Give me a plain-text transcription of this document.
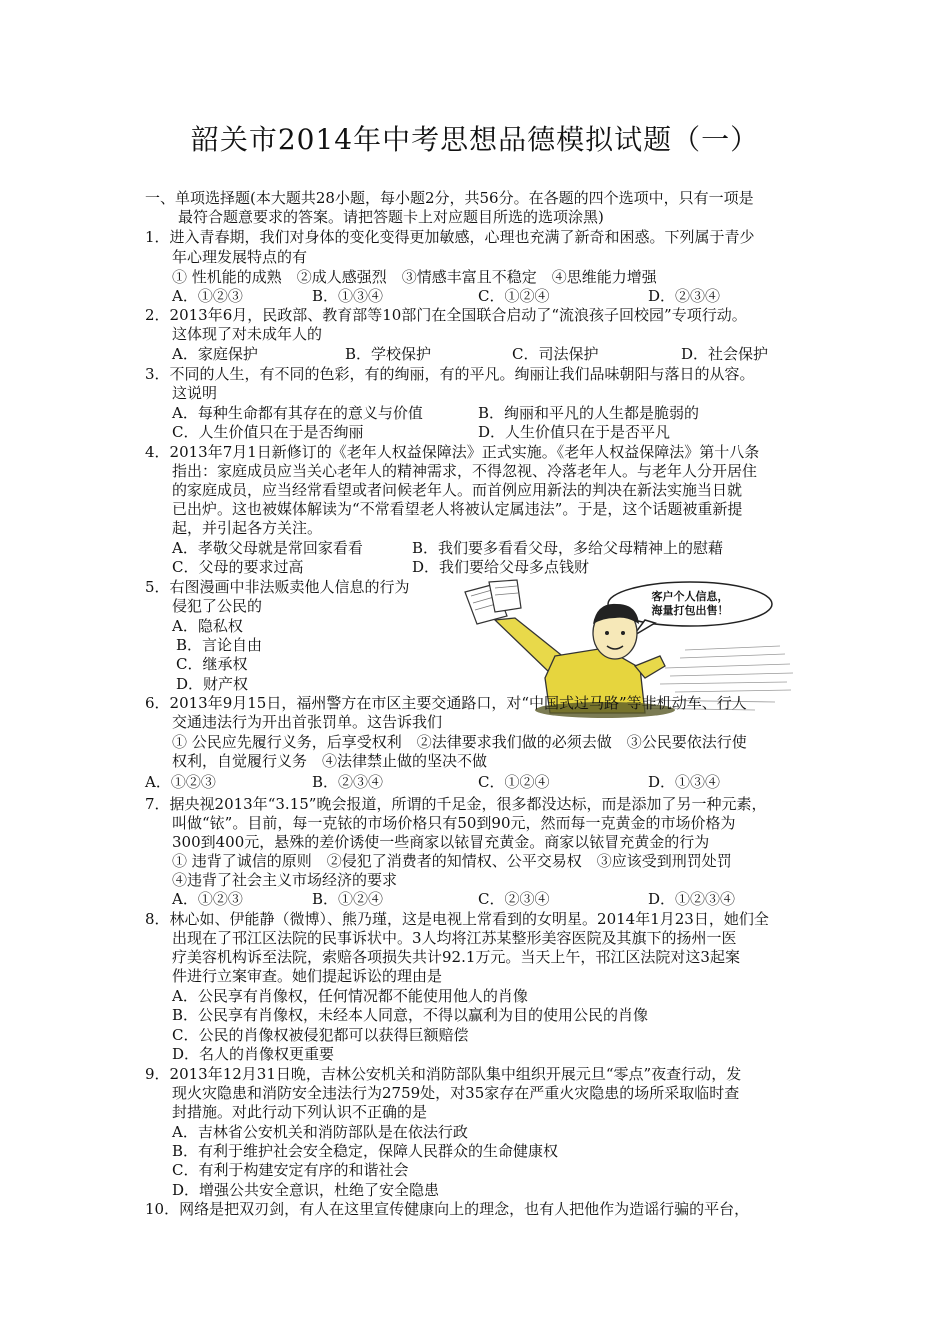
韶关市2014年中考思想品德模拟试题（一）
一、单项选择题(本大题共28小题，每小题2分，共56分。在各题的四个选项中，只有一项是
最符合题意要求的答案。请把答题卡上对应题目所选的选项涂黑)
1．进入青春期，我们对身体的变化变得更加敏感，心理也充满了新奇和困惑。下列属于青少
年心理发展特点的有
① 性机能的成熟　②成人感强烈　③情感丰富且不稳定　④思维能力增强
A．①②③	B．①③④	C．①②④	D．②③④
2．2013年6月，民政部、教育部等10部门在全国联合启动了“流浪孩子回校园”专项行动。
这体现了对未成年人的
A．家庭保护	B．学校保护	C．司法保护	D．社会保护
3．不同的人生，有不同的色彩，有的绚丽，有的平凡。绚丽让我们品味朝阳与落日的从容。
这说明
A．每种生命都有其存在的意义与价值	B．绚丽和平凡的人生都是脆弱的
C．人生价值只在于是否绚丽	D．人生价值只在于是否平凡
4．2013年7月1日新修订的《老年人权益保障法》正式实施。《老年人权益保障法》第十八条
指出：家庭成员应当关心老年人的精神需求，不得忽视、冷落老年人。与老年人分开居住
的家庭成员，应当经常看望或者问候老年人。而首例应用新法的判决在新法实施当日就
已出炉。这也被媒体解读为“不常看望老人将被认定属违法”。于是，这个话题被重新提
起，并引起各方关注。
A．孝敬父母就是常回家看看	B．我们要多看看父母，多给父母精神上的慰藉
C．父母的要求过高	D．我们要给父母多点钱财
5．右图漫画中非法贩卖他人信息的行为
侵犯了公民的
A．隐私权
B．言论自由
C．继承权
D．财产权
客户个人信息，
海量打包出售！
6．2013年9月15日，福州警方在市区主要交通路口，对“中国式过马路”等非机动车、行人
交通违法行为开出首张罚单。这告诉我们
① 公民应先履行义务，后享受权利　②法律要求我们做的必须去做　③公民要依法行使
权利，自觉履行义务　④法律禁止做的坚决不做
A．①②③	B．②③④	C．①②④	D．①③④
7．据央视2013年“3.15”晚会报道，所谓的千足金，很多都没达标，而是添加了另一种元素，
叫做“铱”。目前，每一克铱的市场价格只有50到90元，然而每一克黄金的市场价格为
300到400元，悬殊的差价诱使一些商家以铱冒充黄金。商家以铱冒充黄金的行为
① 违背了诚信的原则　②侵犯了消费者的知情权、公平交易权　③应该受到刑罚处罚
④违背了社会主义市场经济的要求
A．①②③	B．①②④	C．②③④	D．①②③④
8．林心如、伊能静（微博）、熊乃瑾，这是电视上常看到的女明星。2014年1月23日，她们全
出现在了邗江区法院的民事诉状中。3人均将江苏某整形美容医院及其旗下的扬州一医
疗美容机构诉至法院，索赔各项损失共计92.1万元。当天上午，邗江区法院对这3起案
件进行立案审查。她们提起诉讼的理由是
A．公民享有肖像权，任何情况都不能使用他人的肖像
B．公民享有肖像权，未经本人同意，不得以赢利为目的使用公民的肖像
C．公民的肖像权被侵犯都可以获得巨额赔偿
D．名人的肖像权更重要
9．2013年12月31日晚，吉林公安机关和消防部队集中组织开展元旦“零点”夜查行动，发
现火灾隐患和消防安全违法行为2759处，对35家存在严重火灾隐患的场所采取临时查
封措施。对此行动下列认识不正确的是
A．吉林省公安机关和消防部队是在依法行政
B．有利于维护社会安全稳定，保障人民群众的生命健康权
C．有利于构建安定有序的和谐社会
D．增强公共安全意识，杜绝了安全隐患
10．网络是把双刃剑，有人在这里宣传健康向上的理念，也有人把他作为造谣行骗的平台，
